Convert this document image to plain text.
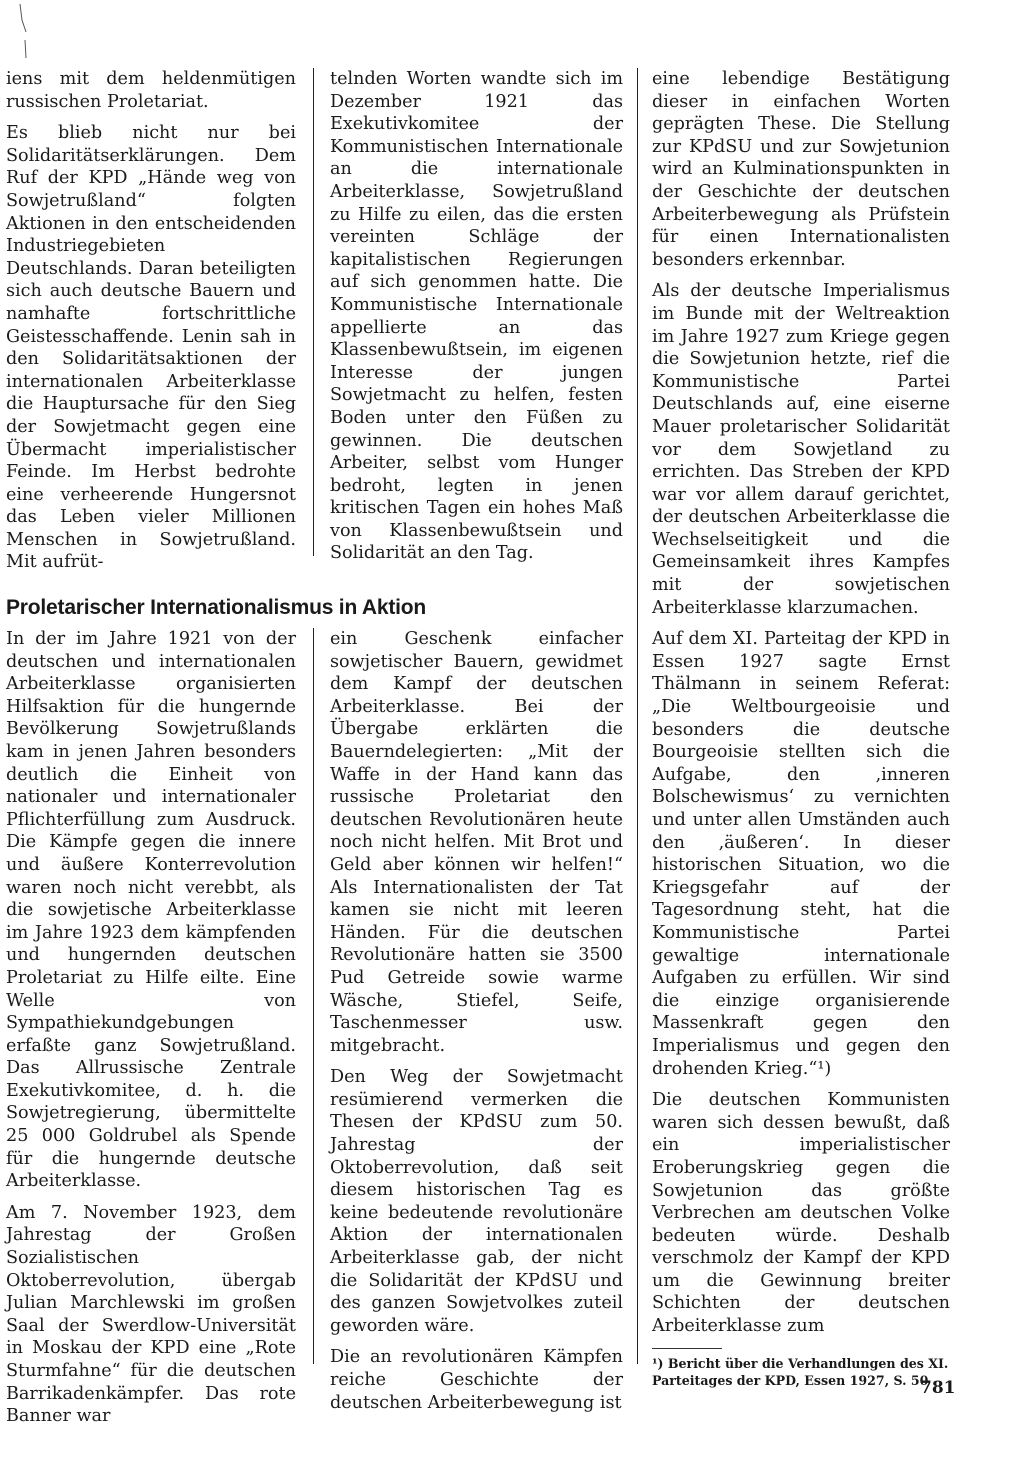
iens mit dem heldenmütigen russischen Proletariat.

Es blieb nicht nur bei Solidaritätserklärungen. Dem Ruf der KPD „Hände weg von Sowjetrußland“ folgten Aktionen in den entscheidenden Industriegebieten Deutschlands. Daran beteiligten sich auch deutsche Bauern und namhafte fortschrittliche Geistesschaffende. Lenin sah in den Solidaritätsaktionen der internationalen Arbeiterklasse die Hauptursache für den Sieg der Sowjetmacht gegen eine Übermacht imperialistischer Feinde. Im Herbst bedrohte eine verheerende Hungersnot das Leben vieler Millionen Menschen in Sowjetrußland. Mit aufrüt-

telnden Worten wandte sich im Dezember 1921 das Exekutivkomitee der Kommunistischen Internationale an die internationale Arbeiterklasse, Sowjetrußland zu Hilfe zu eilen, das die ersten vereinten Schläge der kapitalistischen Regierungen auf sich genommen hatte. Die Kommunistische Internationale appellierte an das Klassenbewußtsein, im eigenen Interesse der jungen Sowjetmacht zu helfen, festen Boden unter den Füßen zu gewinnen. Die deutschen Arbeiter, selbst vom Hunger bedroht, legten in jenen kritischen Tagen ein hohes Maß von Klassenbewußtsein und Solidarität an den Tag.

Proletarischer Internationalismus in Aktion

In der im Jahre 1921 von der deutschen und internationalen Arbeiterklasse organisierten Hilfsaktion für die hungernde Bevölkerung Sowjetrußlands kam in jenen Jahren besonders deutlich die Einheit von nationaler und internationaler Pflichterfüllung zum Ausdruck. Die Kämpfe gegen die innere und äußere Konterrevolution waren noch nicht verebbt, als die sowjetische Arbeiterklasse im Jahre 1923 dem kämpfenden und hungernden deutschen Proletariat zu Hilfe eilte. Eine Welle von Sympathiekundgebungen erfaßte ganz Sowjetrußland. Das Allrussische Zentrale Exekutivkomitee, d. h. die Sowjetregierung, übermittelte 25 000 Goldrubel als Spende für die hungernde deutsche Arbeiterklasse.

Am 7. November 1923, dem Jahrestag der Großen Sozialistischen Oktoberrevolution, übergab Julian Marchlewski im großen Saal der Swerdlow-Universität in Moskau der KPD eine „Rote Sturmfahne“ für die deutschen Barrikadenkämpfer. Das rote Banner war

ein Geschenk einfacher sowjetischer Bauern, gewidmet dem Kampf der deutschen Arbeiterklasse. Bei der Übergabe erklärten die Bauerndelegierten: „Mit der Waffe in der Hand kann das russische Proletariat den deutschen Revolutionären heute noch nicht helfen. Mit Brot und Geld aber können wir helfen!“ Als Internationalisten der Tat kamen sie nicht mit leeren Händen. Für die deutschen Revolutionäre hatten sie 3500 Pud Getreide sowie warme Wäsche, Stiefel, Seife, Taschenmesser usw. mitgebracht.

Den Weg der Sowjetmacht resümierend vermerken die Thesen der KPdSU zum 50. Jahrestag der Oktoberrevolution, daß seit diesem historischen Tag es keine bedeutende revolutionäre Aktion der internationalen Arbeiterklasse gab, der nicht die Solidarität der KPdSU und des ganzen Sowjetvolkes zuteil geworden wäre.

Die an revolutionären Kämpfen reiche Geschichte der deutschen Arbeiterbewegung ist

eine lebendige Bestätigung dieser in einfachen Worten geprägten These. Die Stellung zur KPdSU und zur Sowjetunion wird an Kulminationspunkten in der Geschichte der deutschen Arbeiterbewegung als Prüfstein für einen Internationalisten besonders erkennbar.

Als der deutsche Imperialismus im Bunde mit der Weltreaktion im Jahre 1927 zum Kriege gegen die Sowjetunion hetzte, rief die Kommunistische Partei Deutschlands auf, eine eiserne Mauer proletarischer Solidarität vor dem Sowjetland zu errichten. Das Streben der KPD war vor allem darauf gerichtet, der deutschen Arbeiterklasse die Wechselseitigkeit und die Gemeinsamkeit ihres Kampfes mit der sowjetischen Arbeiterklasse klarzumachen.

Auf dem XI. Parteitag der KPD in Essen 1927 sagte Ernst Thälmann in seinem Referat: „Die Weltbourgeoisie und besonders die deutsche Bourgeoisie stellten sich die Aufgabe, den ‚inneren Bolschewismus‘ zu vernichten und unter allen Umständen auch den ‚äußeren‘. In dieser historischen Situation, wo die Kriegsgefahr auf der Tagesordnung steht, hat die Kommunistische Partei gewaltige internationale Aufgaben zu erfüllen. Wir sind die einzige organisierende Massenkraft gegen den Imperialismus und gegen den drohenden Krieg.“¹)

Die deutschen Kommunisten waren sich dessen bewußt, daß ein imperialistischer Eroberungskrieg gegen die Sowjetunion das größte Verbrechen am deutschen Volke bedeuten würde. Deshalb verschmolz der Kampf der KPD um die Gewinnung breiter Schichten der deutschen Arbeiterklasse zum

¹) Bericht über die Verhandlungen des XI. Parteitages der KPD, Essen 1927, S. 50
781
